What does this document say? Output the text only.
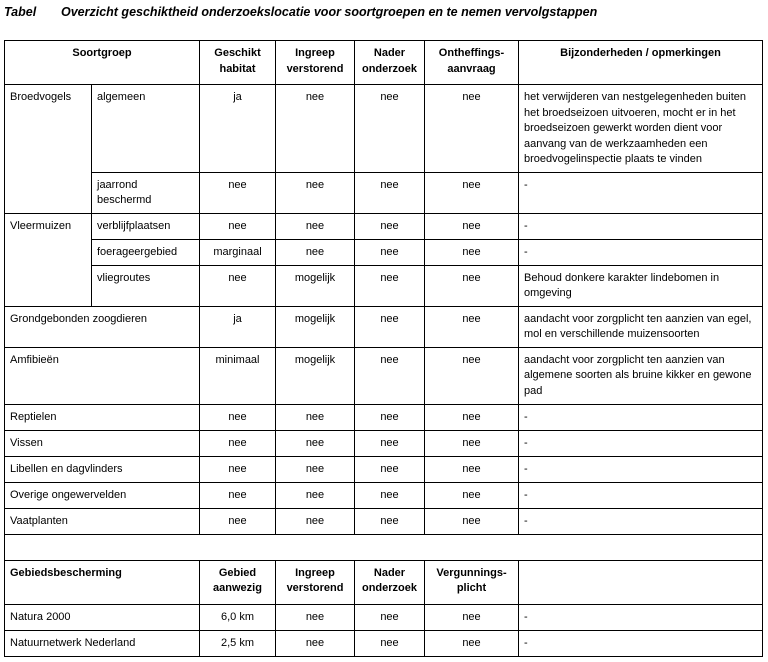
Tabel Overzicht geschiktheid onderzoekslocatie voor soortgroepen en te nemen vervolgstappen
Soortgroep		Geschikt habitat	Ingreep verstorend	Nader onderzoek	Ontheffings-aanvraag	Bijzonderheden / opmerkingen
Broedvogels	algemeen	ja	nee	nee	nee	het verwijderen van nestgelegenheden buiten het broedseizoen uitvoeren, mocht er in het broedseizoen gewerkt worden dient voor aanvang van de werkzaamheden een broedvogelinspectie plaats te vinden
	jaarrond beschermd	nee	nee	nee	nee	-
Vleermuizen	verblijfplaatsen	nee	nee	nee	nee	-
	foerageergebied	marginaal	nee	nee	nee	-
	vliegroutes	nee	mogelijk	nee	nee	Behoud donkere karakter lindebomen in omgeving
Grondgebonden zoogdieren		ja	mogelijk	nee	nee	aandacht voor zorgplicht ten aanzien van egel, mol en verschillende muizensoorten
Amfibieën		minimaal	mogelijk	nee	nee	aandacht voor zorgplicht ten aanzien van algemene soorten als bruine kikker en gewone pad
Reptielen		nee	nee	nee	nee	-
Vissen		nee	nee	nee	nee	-
Libellen en dagvlinders		nee	nee	nee	nee	-
Overige ongewervelden		nee	nee	nee	nee	-
Vaatplanten		nee	nee	nee	nee	-

Gebiedsbescherming		Gebied aanwezig	Ingreep verstorend	Nader onderzoek	Vergunnings-plicht	
Natura 2000		6,0 km	nee	nee	nee	-
Natuurnetwerk Nederland		2,5 km	nee	nee	nee	-
